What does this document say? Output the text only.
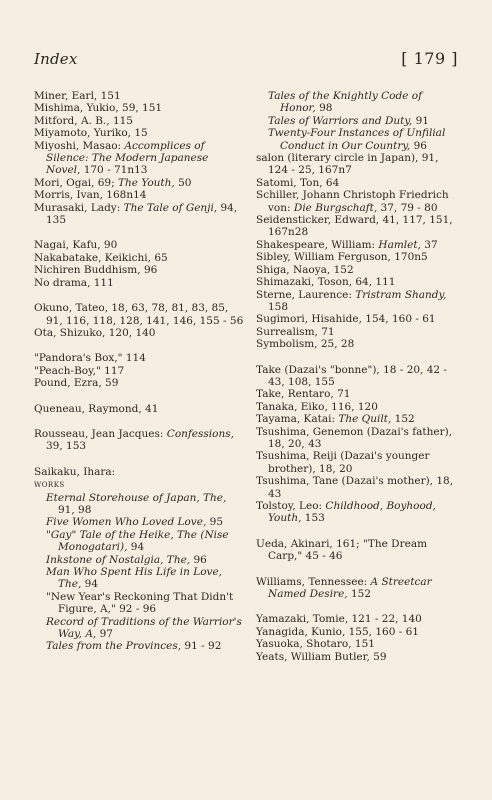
Index	[ 179 ]

Miner, Earl, 151

Mishima, Yukio, 59, 151

Mitford, A. B., 115

Miyamoto, Yuriko, 15

Miyoshi, Masao: Accomplices of Silence: The Modern Japanese Novel, 170 - 71n13

Mori, Ogai, 69; The Youth, 50

Morris, Ivan, 168n14

Murasaki, Lady: The Tale of Genji, 94, 135

Nagai, Kafu, 90

Nakabatake, Keikichi, 65

Nichiren Buddhism, 96

No drama, 111

Okuno, Tateo, 18, 63, 78, 81, 83, 85, 91, 116, 118, 128, 141, 146, 155 - 56

Ota, Shizuko, 120, 140

"Pandora's Box," 114

"Peach-Boy," 117

Pound, Ezra, 59

Queneau, Raymond, 41

Rousseau, Jean Jacques: Confessions, 39, 153

Saikaku, Ihara:

works

Eternal Storehouse of Japan, The, 91, 98

Five Women Who Loved Love, 95

"Gay" Tale of the Heike, The (Nise Monogatari), 94

Inkstone of Nostalgia, The, 96

Man Who Spent His Life in Love, The, 94

"New Year's Reckoning That Didn't Figure, A," 92 - 96

Record of Traditions of the Warrior's Way, A, 97

Tales from the Provinces, 91 - 92

Tales of the Knightly Code of Honor, 98

Tales of Warriors and Duty, 91

Twenty-Four Instances of Unfilial Conduct in Our Country, 96

salon (literary circle in Japan), 91, 124 - 25, 167n7

Satomi, Ton, 64

Schiller, Johann Christoph Friedrich von: Die Burgschaft, 37, 79 - 80

Seidensticker, Edward, 41, 117, 151, 167n28

Shakespeare, William: Hamlet, 37

Sibley, William Ferguson, 170n5

Shiga, Naoya, 152

Shimazaki, Toson, 64, 111

Sterne, Laurence: Tristram Shandy, 158

Sugimori, Hisahide, 154, 160 - 61

Surrealism, 71

Symbolism, 25, 28

Take (Dazai's "bonne"), 18 - 20, 42 - 43, 108, 155

Take, Rentaro, 71

Tanaka, Eiko, 116, 120

Tayama, Katai: The Quilt, 152

Tsushima, Genemon (Dazai's father), 18, 20, 43

Tsushima, Reiji (Dazai's younger brother), 18, 20

Tsushima, Tane (Dazai's mother), 18, 43

Tolstoy, Leo: Childhood, Boyhood, Youth, 153

Ueda, Akinari, 161; "The Dream Carp," 45 - 46

Williams, Tennessee: A Streetcar Named Desire, 152

Yamazaki, Tomie, 121 - 22, 140

Yanagida, Kunio, 155, 160 - 61

Yasuoka, Shotaro, 151

Yeats, William Butler, 59
